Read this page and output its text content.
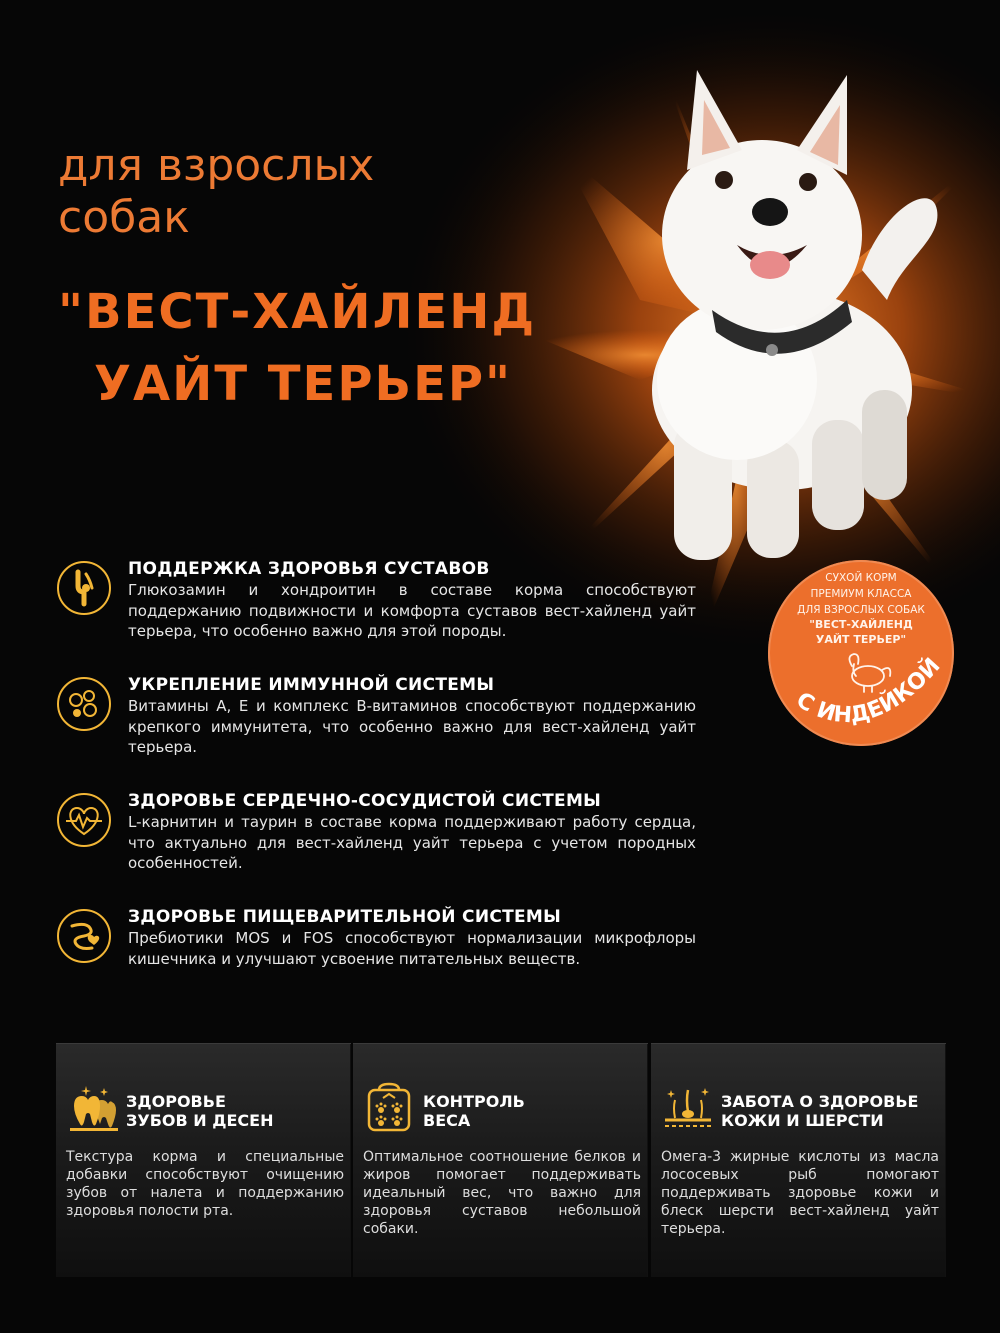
для взрослых
собак
"ВЕСТ-ХАЙЛЕНД
УАЙТ ТЕРЬЕР"
ПОДДЕРЖКА ЗДОРОВЬЯ СУСТАВОВ

Глюкозамин и хондроитин в составе корма способствуют поддержанию подвижности и комфорта суставов вест-хайленд уайт терьера, что особенно важно для этой породы.

УКРЕПЛЕНИЕ ИММУННОЙ СИСТЕМЫ

Витамины A, E и комплекс B-витаминов способствуют поддержанию крепкого иммунитета, что особенно важно для вест-хайленд уайт терьера.

ЗДОРОВЬЕ СЕРДЕЧНО-СОСУДИСТОЙ СИСТЕМЫ

L-карнитин и таурин в составе корма поддерживают работу сердца, что актуально для вест-хайленд уайт терьера с учетом породных особенностей.

ЗДОРОВЬЕ ПИЩЕВАРИТЕЛЬНОЙ СИСТЕМЫ

Пребиотики MOS и FOS способствуют нормализации микрофлоры кишечника и улучшают усвоение питательных веществ.

СУХОЙ КОРМ
ПРЕМИУМ КЛАССА
ДЛЯ ВЗРОСЛЫХ СОБАК
"ВЕСТ-ХАЙЛЕНД
УАЙТ ТЕРЬЕР"
С ИНДЕЙКОЙ
ЗДОРОВЬЕ
ЗУБОВ И ДЕСЕН

Текстура корма и специальные добавки способствуют очищению зубов от налета и поддержанию здоровья полости рта.

КОНТРОЛЬ
ВЕСА

Оптимальное соотношение белков и жиров помогает поддерживать идеальный вес, что важно для здоровья суставов небольшой собаки.

ЗАБОТА О ЗДОРОВЬЕ
КОЖИ И ШЕРСТИ

Омега-3 жирные кислоты из масла лососевых рыб помогают поддерживать здоровье кожи и блеск шерсти вест-хайленд уайт терьера.
